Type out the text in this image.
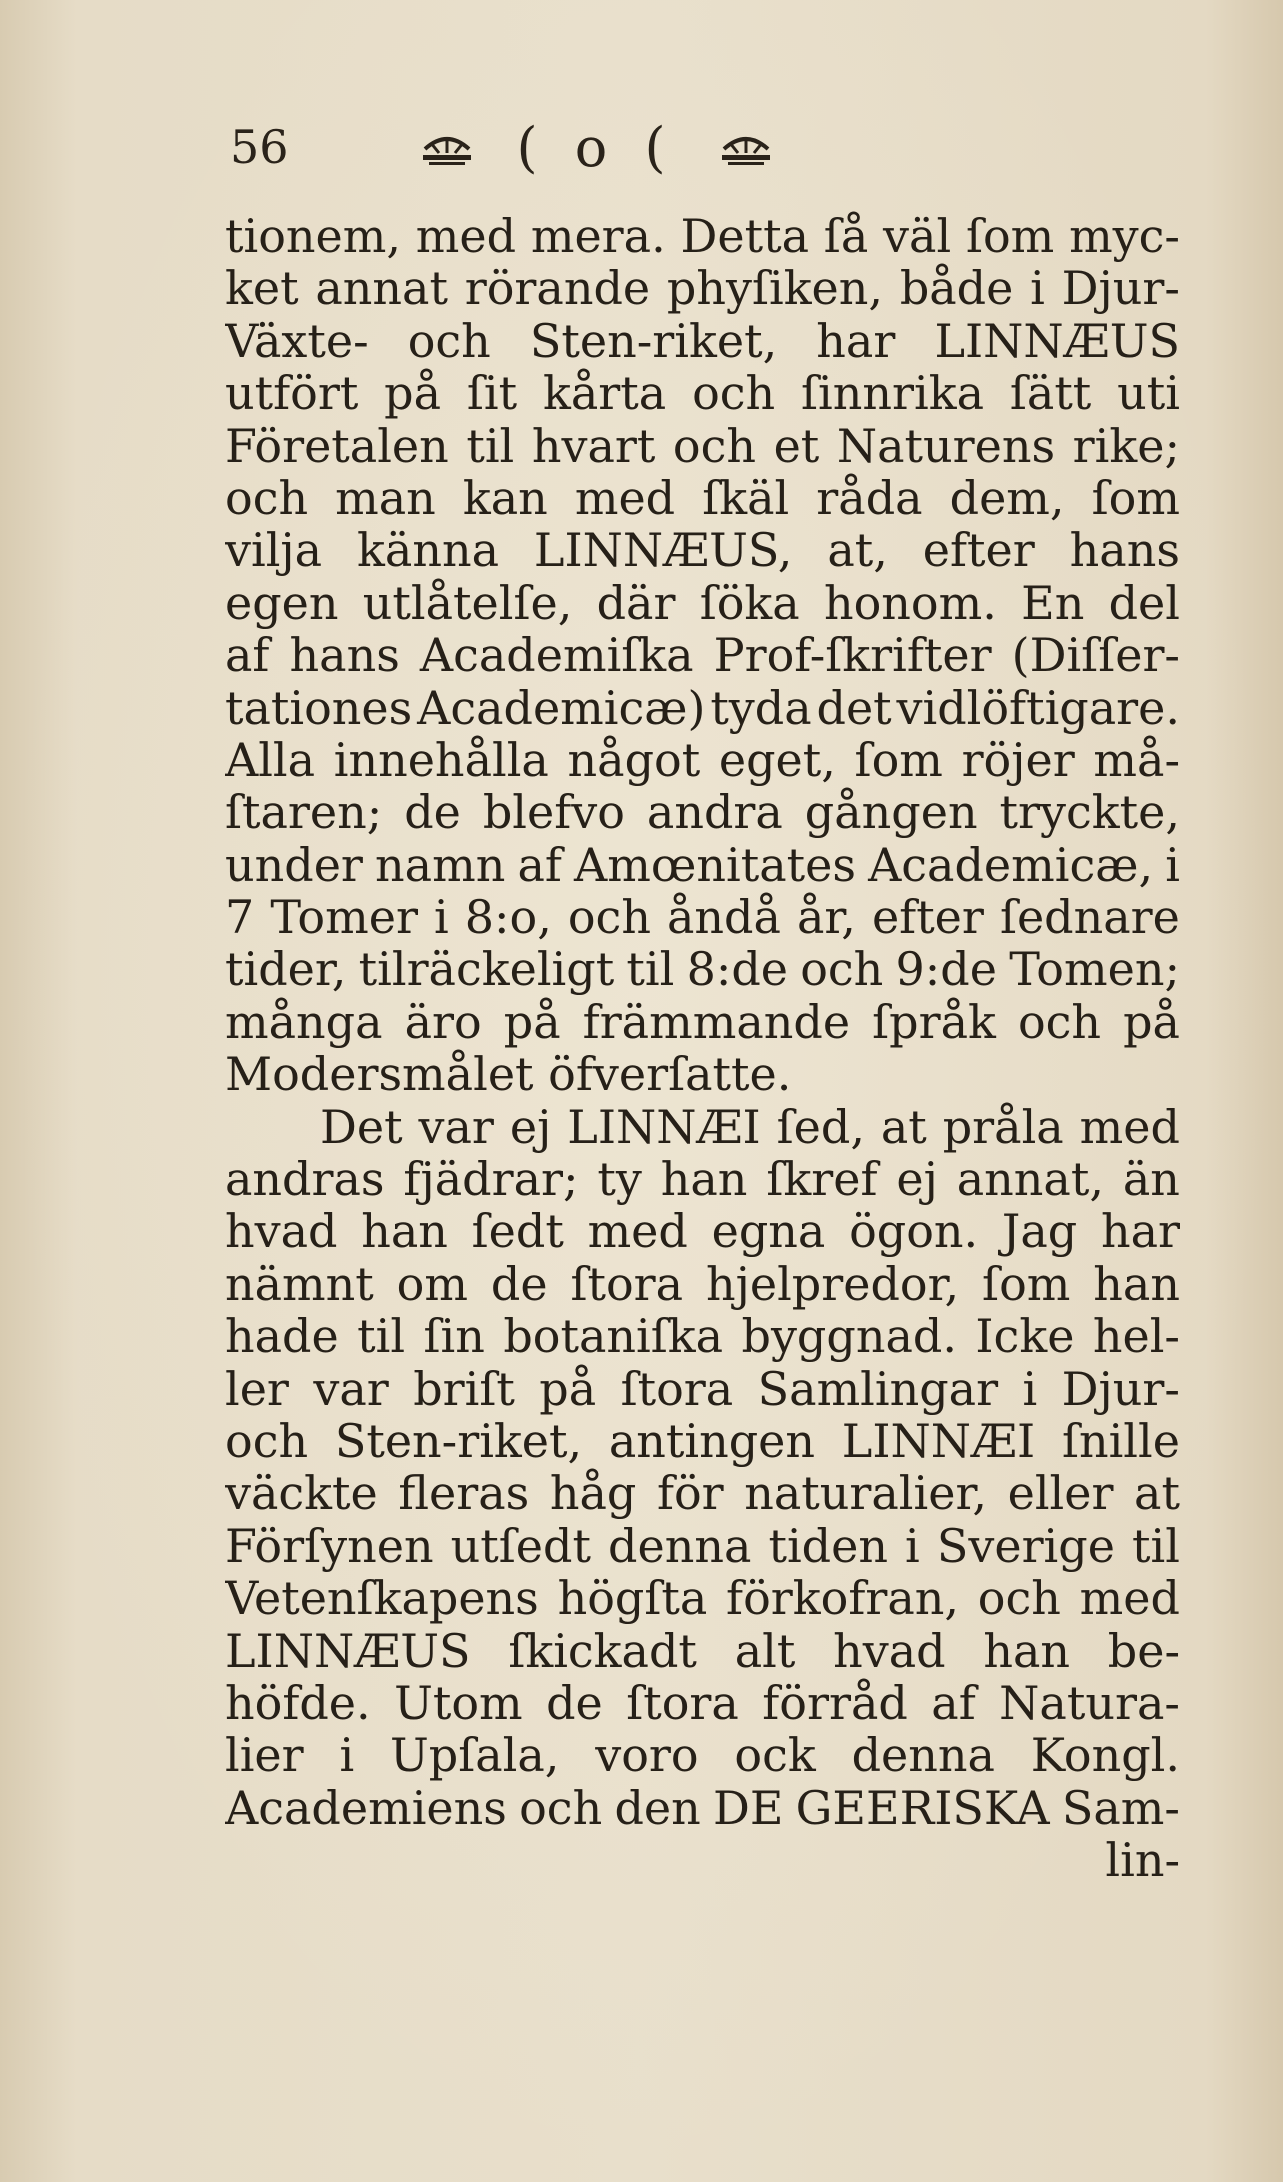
56	( o (
tionem, med mera. Detta ſå väl ſom myc-
ket annat rörande phyſiken, både i Djur-
Växte- och Sten-riket, har LINNÆUS
utfört på ſit kårta och ſinnrika ſätt uti
Företalen til hvart och et Naturens rike;
och man kan med ſkäl råda dem, ſom
vilja känna LINNÆUS, at, efter hans
egen utlåtelſe, där ſöka honom. En del
af hans Academiſka Prof-ſkrifter (Diſſer-
tationes Academicæ) tyda det vidlöftigare.
Alla innehålla något eget, ſom röjer må-
ſtaren; de blefvo andra gången tryckte,
under namn af Amœnitates Academicæ, i
7 Tomer i 8:o, och åndå år, efter ſednare
tider, tilräckeligt til 8:de och 9:de Tomen;
många äro på främmande ſpråk och på
Modersmålet öfverſatte.
Det var ej LINNÆI ſed, at pråla med
andras fjädrar; ty han ſkref ej annat, än
hvad han ſedt med egna ögon. Jag har
nämnt om de ſtora hjelpredor, ſom han
hade til ſin botaniſka byggnad. Icke hel-
ler var briſt på ſtora Samlingar i Djur-
och Sten-riket, antingen LINNÆI ſnille
väckte fleras håg för naturalier, eller at
Förſynen utſedt denna tiden i Sverige til
Vetenſkapens högſta förkofran, och med
LINNÆUS ſkickadt alt hvad han be-
höfde. Utom de ſtora förråd af Natura-
lier i Upſala, voro ock denna Kongl.
Academiens och den DE GEERISKA Sam-
lin-
